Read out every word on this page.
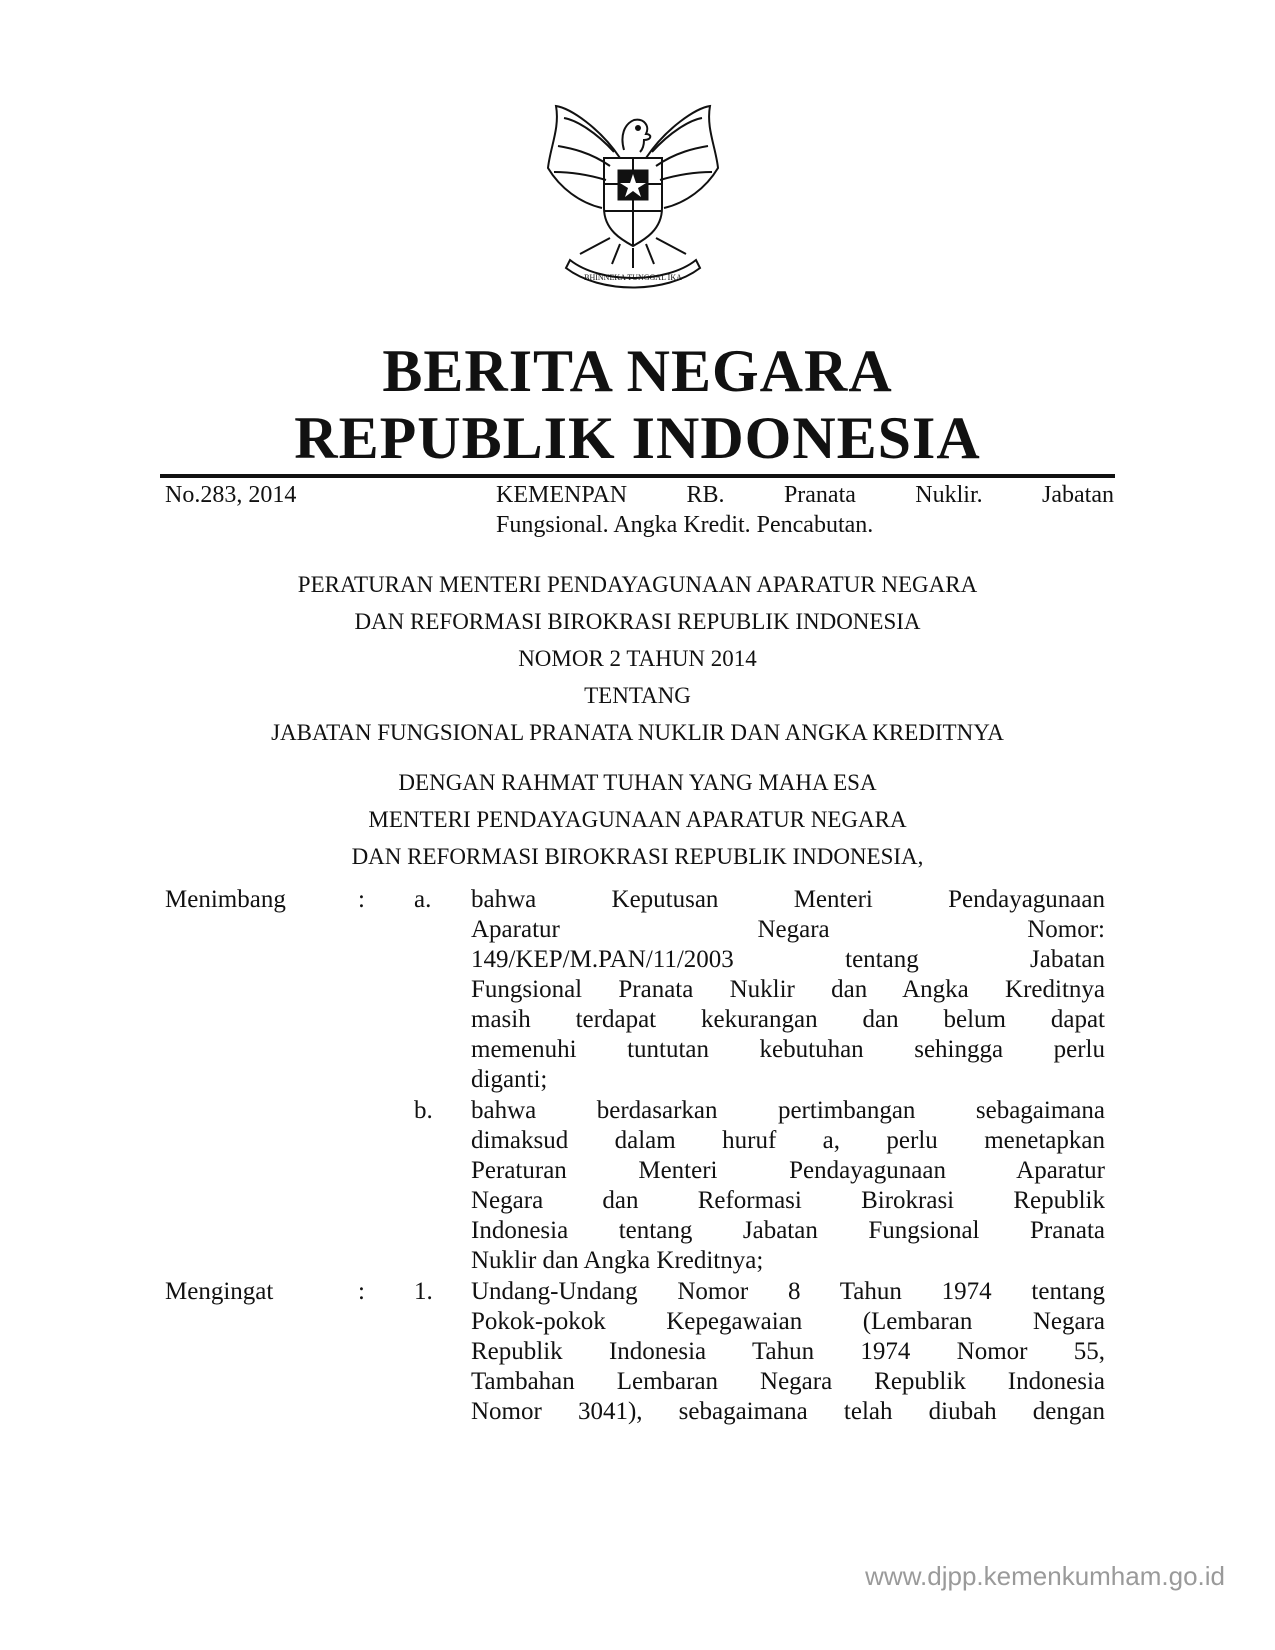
BHINNEKA TUNGGAL IKA
BERITA NEGARA
REPUBLIK INDONESIA
No.283, 2014	KEMENPAN RB. Pranata Nuklir. Jabatan
Fungsional. Angka Kredit. Pencabutan.
PERATURAN MENTERI PENDAYAGUNAAN APARATUR NEGARA
DAN REFORMASI BIROKRASI REPUBLIK INDONESIA
NOMOR 2 TAHUN 2014
TENTANG
JABATAN FUNGSIONAL PRANATA NUKLIR DAN ANGKA KREDITNYA
DENGAN RAHMAT TUHAN YANG MAHA ESA
MENTERI PENDAYAGUNAAN APARATUR NEGARA
DAN REFORMASI BIROKRASI REPUBLIK INDONESIA,
Menimbang	: a. bahwa Keputusan Menteri Pendayagunaan
Aparatur Negara Nomor:
149/KEP/M.PAN/11/2003 tentang Jabatan
Fungsional Pranata Nuklir dan Angka Kreditnya
masih terdapat kekurangan dan belum dapat
memenuhi tuntutan kebutuhan sehingga perlu
diganti;
b. bahwa berdasarkan pertimbangan sebagaimana
dimaksud dalam huruf a, perlu menetapkan
Peraturan Menteri Pendayagunaan Aparatur
Negara dan Reformasi Birokrasi Republik
Indonesia tentang Jabatan Fungsional Pranata
Nuklir dan Angka Kreditnya;
Mengingat	: 1. Undang-Undang Nomor 8 Tahun 1974 tentang
Pokok-pokok Kepegawaian (Lembaran Negara
Republik Indonesia Tahun 1974 Nomor 55,
Tambahan Lembaran Negara Republik Indonesia
Nomor 3041), sebagaimana telah diubah dengan
www.djpp.kemenkumham.go.id
